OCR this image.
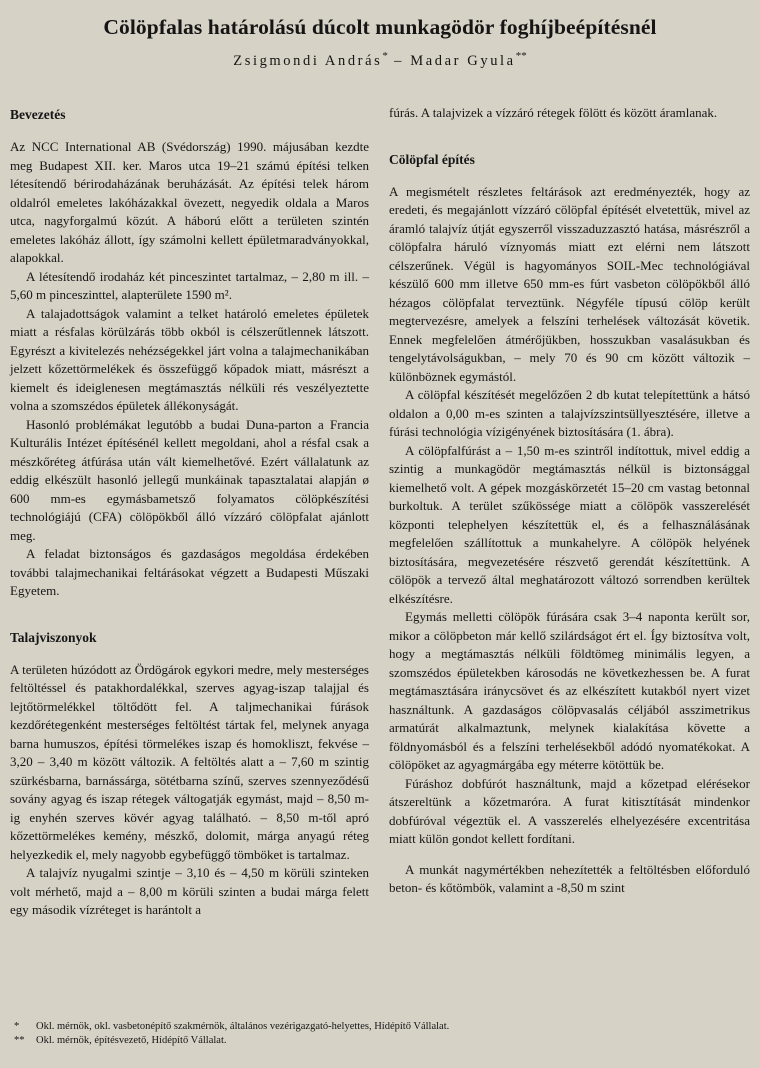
Cölöpfalas határolású dúcolt munkagödör foghíjbeépítésnél
Zsigmondi András* – Madar Gyula**
Bevezetés

Az NCC International AB (Svédország) 1990. májusában kezdte meg Budapest XII. ker. Maros utca 19–21 számú építési telken létesítendő bérirodaházának beruházását. Az építési telek három oldalról emeletes lakóházakkal övezett, negyedik oldala a Maros utca, nagyforgalmú közút. A háború előtt a területen szintén emeletes lakóház állott, így számolni kellett épületmaradványokkal, alapokkal.

A létesítendő irodaház két pinceszintet tartalmaz, – 2,80 m ill. – 5,60 m pinceszinttel, alapterülete 1590 m².

A talajadottságok valamint a telket határoló emeletes épületek miatt a résfalas körülzárás több okból is célszerűtlennek látszott. Egyrészt a kivitelezés nehézségekkel járt volna a talajmechanikában jelzett kőzettörmelékek és összefüggő kőpadok miatt, másrészt a kiemelt és ideiglenesen megtámasztás nélküli rés veszélyeztette volna a szomszédos épületek állékonyságát.

Hasonló problémákat legutóbb a budai Duna-parton a Francia Kulturális Intézet építésénél kellett megoldani, ahol a résfal csak a mészkőréteg átfúrása után vált kiemelhetővé. Ezért vállalatunk az eddig elkészült hasonló jellegű munkáinak tapasztalatai alapján ø 600 mm-es egymásbametsző folyamatos cölöpkészítési technológiájú (CFA) cölöpökből álló vízzáró cölöpfalat ajánlott meg.

A feladat biztonságos és gazdaságos megoldása érdekében további talajmechanikai feltárásokat végzett a Budapesti Műszaki Egyetem.

Talajviszonyok

A területen húzódott az Ördögárok egykori medre, mely mesterséges feltöltéssel és patakhordalékkal, szerves agyag-iszap talajjal és lejtőtörmelékkel töltődött fel. A taljmechanikai fúrások kezdőrétegenként mesterséges feltöltést tártak fel, melynek anyaga barna humuszos, építési törmelékes iszap és homokliszt, fekvése – 3,20 – 3,40 m között változik. A feltöltés alatt a – 7,60 m szintig szürkésbarna, barnássárga, sötétbarna színű, szerves szennyeződésű sovány agyag és iszap rétegek váltogatják egymást, majd – 8,50 m-ig enyhén szerves kövér agyag található. – 8,50 m-től apró kőzettörmelékes kemény, mészkő, dolomit, márga anyagú réteg helyezkedik el, mely nagyobb egybefüggő tömböket is tartalmaz.

A talajvíz nyugalmi szintje – 3,10 és – 4,50 m körüli szinteken volt mérhető, majd a – 8,00 m körüli szinten a budai márga felett egy második vízréteget is harántolt a

fúrás. A talajvizek a vízzáró rétegek fölött és között áramlanak.

Cölöpfal építés

A megismételt részletes feltárások azt eredményezték, hogy az eredeti, és megajánlott vízzáró cölöpfal építését elvetettük, mivel az áramló talajvíz útját egyszerről visszaduzzasztó hatása, másrészről a cölöpfalra háruló víznyomás miatt ezt elérni nem látszott célszerűnek. Végül is hagyományos SOIL-Mec technológiával készülő 600 mm illetve 650 mm-es fúrt vasbeton cölöpökből álló hézagos cölöpfalat terveztünk. Négyféle típusú cölöp került megtervezésre, amelyek a felszíni terhelések változását követik. Ennek megfelelően átmérőjükben, hosszukban vasalásukban és tengelytávolságukban, – mely 70 és 90 cm között változik – különböznek egymástól.

A cölöpfal készítését megelőzően 2 db kutat telepítettünk a hátsó oldalon a 0,00 m-es szinten a talajvízszintsüllyesztésére, illetve a fúrási technológia vízigényének biztosítására (1. ábra).

A cölöpfalfúrást a – 1,50 m-es szintről indítottuk, mivel eddig a szintig a munkagödör megtámasztás nélkül is biztonsággal kiemelhető volt. A gépek mozgáskörzetét 15–20 cm vastag betonnal burkoltuk. A terület szűkössége miatt a cölöpök vasszerelését központi telephelyen készítettük el, és a felhasználásának megfelelően szállítottuk a munkahelyre. A cölöpök helyének biztosítására, megvezetésére részvető gerendát készítettünk. A cölöpök a tervező által meghatározott változó sorrendben kerültek elkészítésre.

Egymás melletti cölöpök fúrására csak 3–4 naponta került sor, mikor a cölöpbeton már kellő szilárdságot ért el. Így biztosítva volt, hogy a megtámasztás nélküli földtömeg minimális legyen, a szomszédos épületekben károsodás ne következhessen be. A furat megtámasztására iránycsövet és az elkészített kutakból nyert vizet használtunk. A gazdaságos cölöpvasalás céljából asszimetrikus armatúrát alkalmaztunk, melynek kialakítása követte a földnyomásból és a felszíni terhelésekből adódó nyomatékokat. A cölöpöket az agyagmárgába egy méterre kötöttük be.

Fúráshoz dobfúrót használtunk, majd a kőzetpad elérésekor átszereltünk a kőzetmaróra. A furat kitisztítását mindenkor dobfúróval végeztük el. A vasszerelés elhelyezésére excentritása miatt külön gondot kellett fordítani.

A munkát nagymértékben nehezítették a feltöltésben előforduló beton- és kőtömbök, valamint a -8,50 m szint

*	Okl. mérnök, okl. vasbetonépítő szakmérnök, általános vezérigazgató-helyettes, Hídépítő Vállalat.
**	Okl. mérnök, építésvezető, Hídépítő Vállalat.
